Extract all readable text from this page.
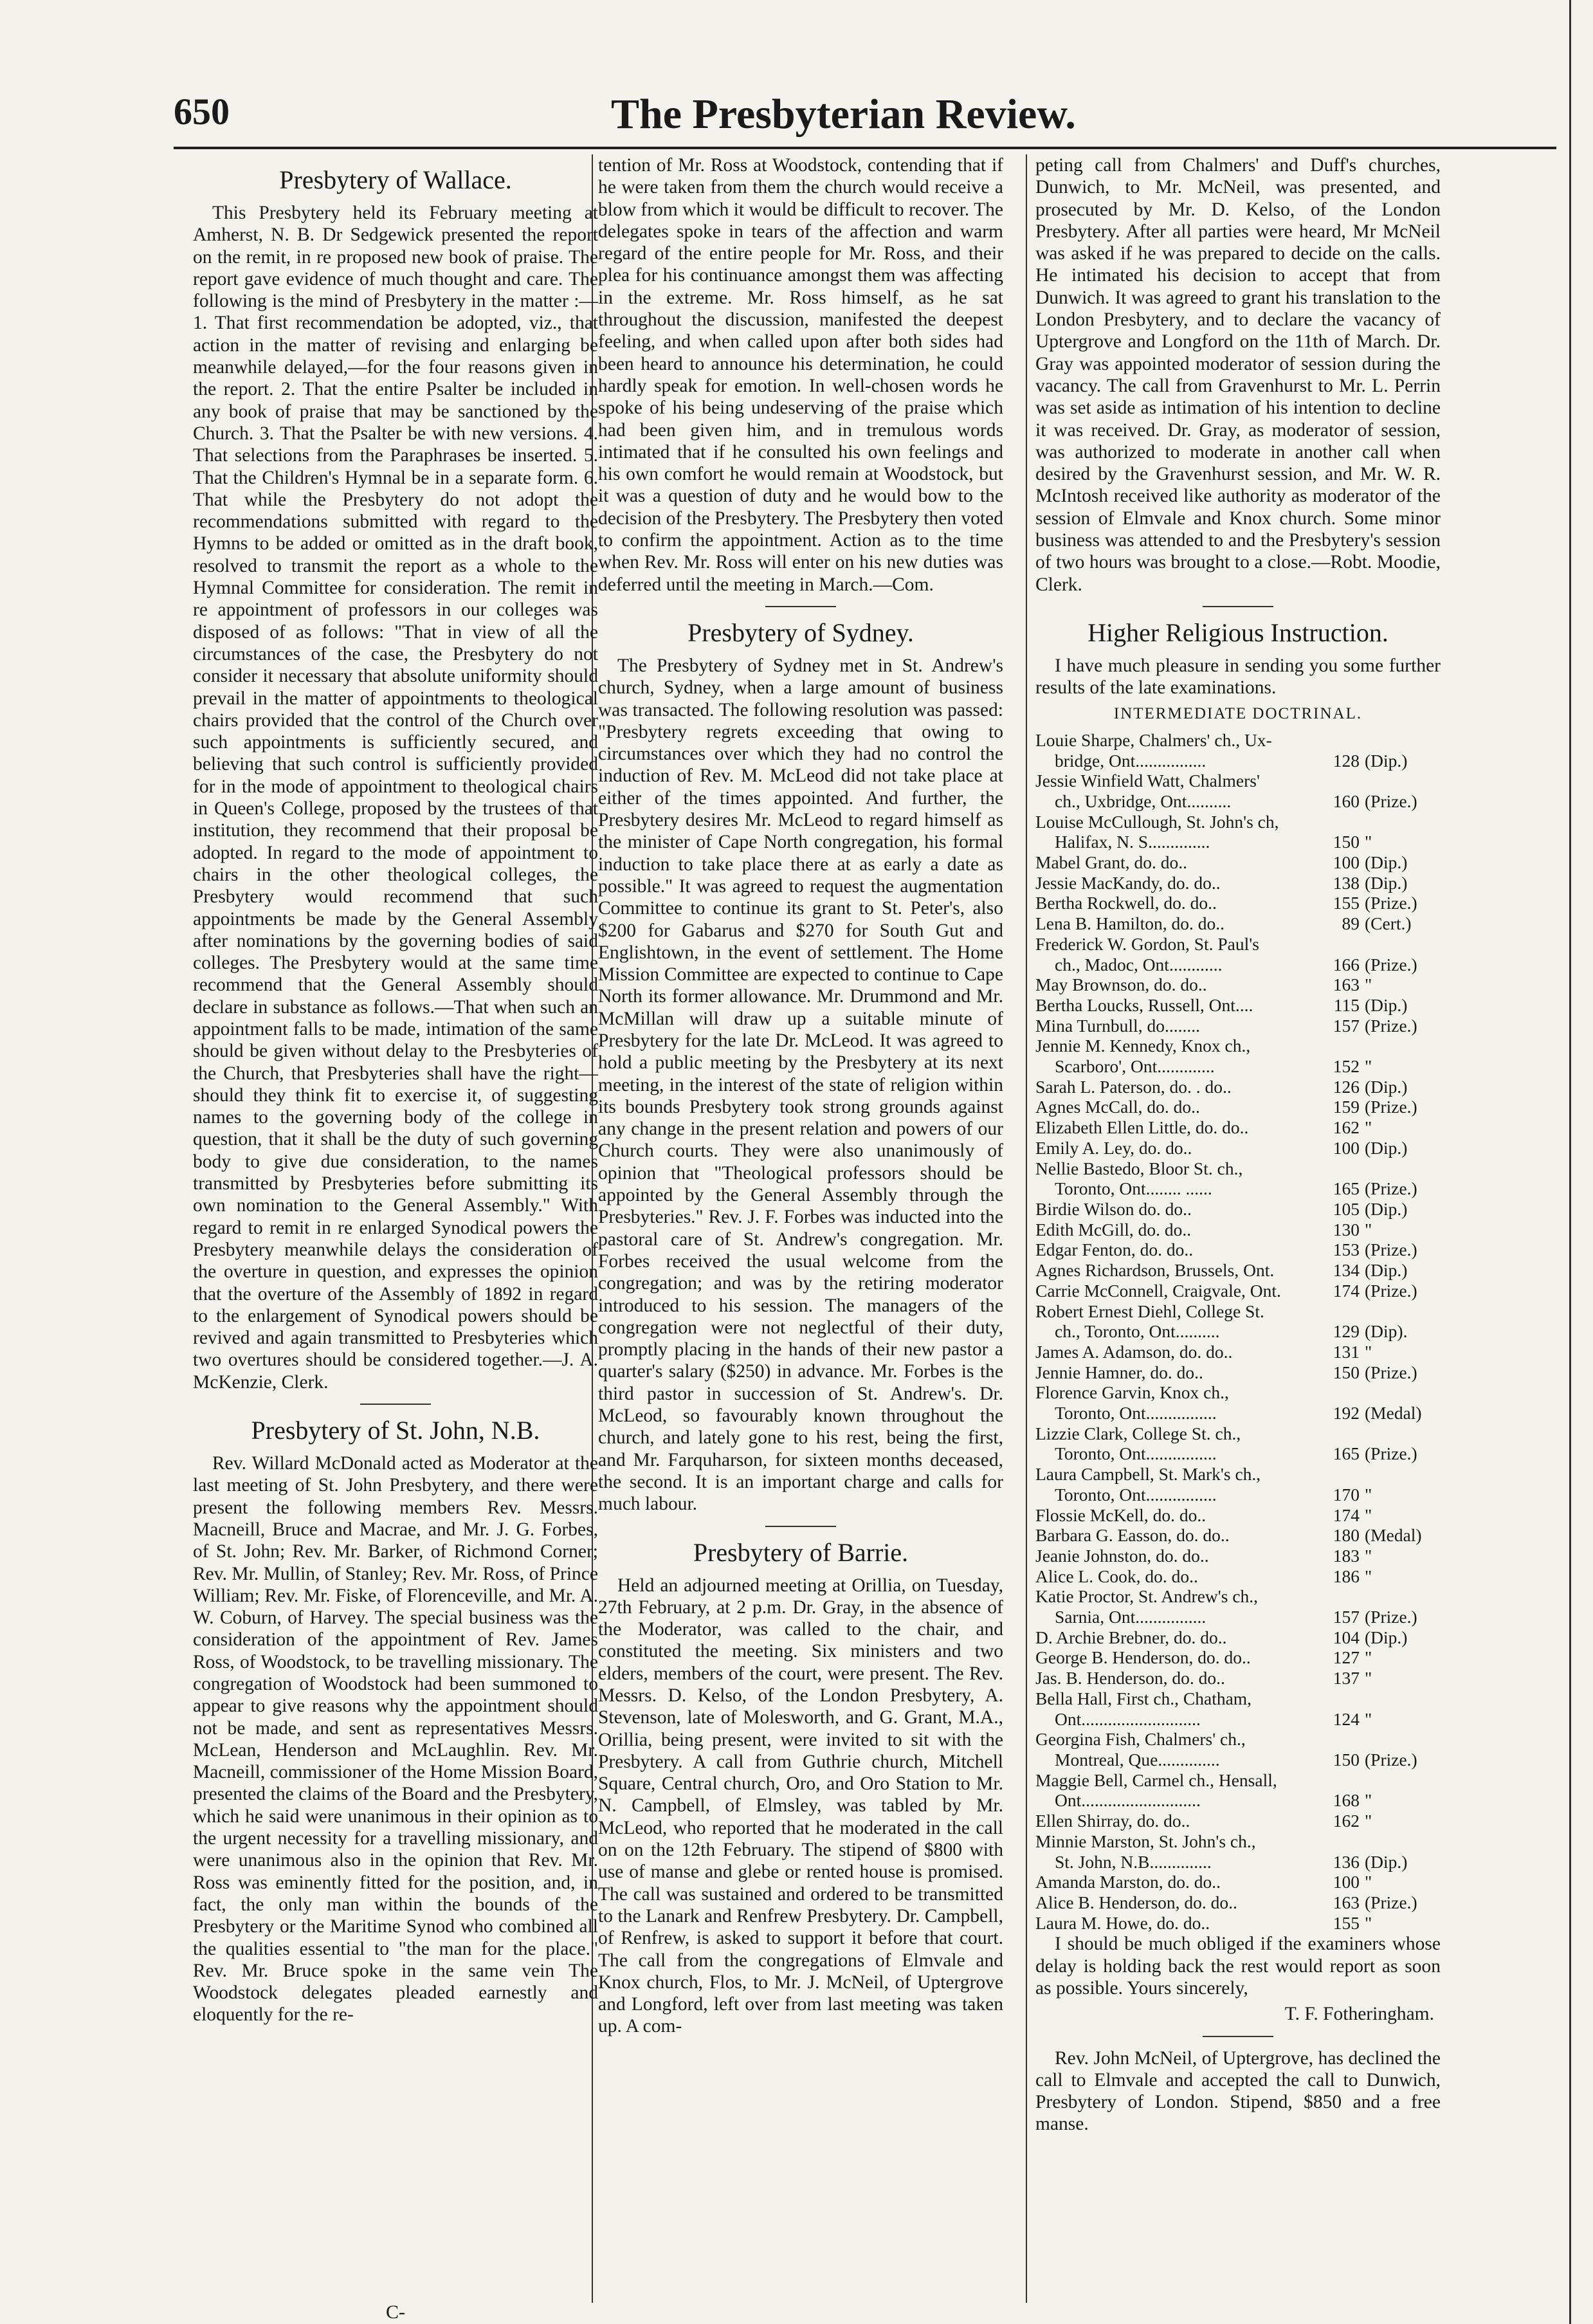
650	The Presbyterian Review.
Presbytery of Wallace.

This Presbytery held its February meeting at Amherst, N. B. Dr Sedgewick presented the report on the remit, in re proposed new book of praise. The report gave evidence of much thought and care. The following is the mind of Presbytery in the matter :—1. That first recommendation be adopted, viz., that action in the matter of revising and enlarging be meanwhile delayed,—for the four reasons given in the report. 2. That the entire Psalter be included in any book of praise that may be sanctioned by the Church. 3. That the Psalter be with new versions. 4. That selections from the Paraphrases be inserted. 5. That the Children's Hymnal be in a separate form. 6. That while the Presbytery do not adopt the recommendations submitted with regard to the Hymns to be added or omitted as in the draft book, resolved to transmit the report as a whole to the Hymnal Committee for consideration. The remit in re appointment of professors in our colleges was disposed of as follows: "That in view of all the circumstances of the case, the Presbytery do not consider it necessary that absolute uniformity should prevail in the matter of appointments to theological chairs provided that the control of the Church over such appointments is sufficiently secured, and believing that such control is sufficiently provided for in the mode of appointment to theological chairs in Queen's College, proposed by the trustees of that institution, they recommend that their proposal be adopted. In regard to the mode of appointment to chairs in the other theological colleges, the Presbytery would recommend that such appointments be made by the General Assembly after nominations by the governing bodies of said colleges. The Presbytery would at the same time recommend that the General Assembly should declare in substance as follows.—That when such an appointment falls to be made, intimation of the same should be given without delay to the Presbyteries of the Church, that Presbyteries shall have the right—should they think fit to exercise it, of suggesting names to the governing body of the college in question, that it shall be the duty of such governing body to give due consideration, to the names transmitted by Presbyteries before submitting its own nomination to the General Assembly." With regard to remit in re enlarged Synodical powers the Presbytery meanwhile delays the consideration of the overture in question, and expresses the opinion that the overture of the Assembly of 1892 in regard to the enlargement of Synodical powers should be revived and again transmitted to Presbyteries which two overtures should be considered together.—J. A. McKenzie, Clerk.

Presbytery of St. John, N.B.

Rev. Willard McDonald acted as Moderator at the last meeting of St. John Presbytery, and there were present the following members Rev. Messrs. Macneill, Bruce and Macrae, and Mr. J. G. Forbes, of St. John; Rev. Mr. Barker, of Richmond Corner; Rev. Mr. Mullin, of Stanley; Rev. Mr. Ross, of Prince William; Rev. Mr. Fiske, of Florenceville, and Mr. A. W. Coburn, of Harvey. The special business was the consideration of the appointment of Rev. James Ross, of Woodstock, to be travelling missionary. The congregation of Woodstock had been summoned to appear to give reasons why the appointment should not be made, and sent as representatives Messrs. McLean, Henderson and McLaughlin. Rev. Mr. Macneill, commissioner of the Home Mission Board, presented the claims of the Board and the Presbytery, which he said were unanimous in their opinion as to the urgent necessity for a travelling missionary, and were unanimous also in the opinion that Rev. Mr. Ross was eminently fitted for the position, and, in fact, the only man within the bounds of the Presbytery or the Maritime Synod who combined all the qualities essential to "the man for the place." Rev. Mr. Bruce spoke in the same vein The Woodstock delegates pleaded earnestly and eloquently for the re-

tention of Mr. Ross at Woodstock, contending that if he were taken from them the church would receive a blow from which it would be difficult to recover. The delegates spoke in tears of the affection and warm regard of the entire people for Mr. Ross, and their plea for his continuance amongst them was affecting in the extreme. Mr. Ross himself, as he sat throughout the discussion, manifested the deepest feeling, and when called upon after both sides had been heard to announce his determination, he could hardly speak for emotion. In well-chosen words he spoke of his being undeserving of the praise which had been given him, and in tremulous words intimated that if he consulted his own feelings and his own comfort he would remain at Woodstock, but it was a question of duty and he would bow to the decision of the Presbytery. The Presbytery then voted to confirm the appointment. Action as to the time when Rev. Mr. Ross will enter on his new duties was deferred until the meeting in March.—Com.

Presbytery of Sydney.

The Presbytery of Sydney met in St. Andrew's church, Sydney, when a large amount of business was transacted. The following resolution was passed: "Presbytery regrets exceeding that owing to circumstances over which they had no control the induction of Rev. M. McLeod did not take place at either of the times appointed. And further, the Presbytery desires Mr. McLeod to regard himself as the minister of Cape North congregation, his formal induction to take place there at as early a date as possible." It was agreed to request the augmentation Committee to continue its grant to St. Peter's, also $200 for Gabarus and $270 for South Gut and Englishtown, in the event of settlement. The Home Mission Committee are expected to continue to Cape North its former allowance. Mr. Drummond and Mr. McMillan will draw up a suitable minute of Presbytery for the late Dr. McLeod. It was agreed to hold a public meeting by the Presbytery at its next meeting, in the interest of the state of religion within its bounds Presbytery took strong grounds against any change in the present relation and powers of our Church courts. They were also unanimously of opinion that "Theological professors should be appointed by the General Assembly through the Presbyteries." Rev. J. F. Forbes was inducted into the pastoral care of St. Andrew's congregation. Mr. Forbes received the usual welcome from the congregation; and was by the retiring moderator introduced to his session. The managers of the congregation were not neglectful of their duty, promptly placing in the hands of their new pastor a quarter's salary ($250) in advance. Mr. Forbes is the third pastor in succession of St. Andrew's. Dr. McLeod, so favourably known throughout the church, and lately gone to his rest, being the first, and Mr. Farquharson, for sixteen months deceased, the second. It is an important charge and calls for much labour.

Presbytery of Barrie.

Held an adjourned meeting at Orillia, on Tuesday, 27th February, at 2 p.m. Dr. Gray, in the absence of the Moderator, was called to the chair, and constituted the meeting. Six ministers and two elders, members of the court, were present. The Rev. Messrs. D. Kelso, of the London Presbytery, A. Stevenson, late of Molesworth, and G. Grant, M.A., Orillia, being present, were invited to sit with the Presbytery. A call from Guthrie church, Mitchell Square, Central church, Oro, and Oro Station to Mr. N. Campbell, of Elmsley, was tabled by Mr. McLeod, who reported that he moderated in the call on on the 12th February. The stipend of $800 with use of manse and glebe or rented house is promised. The call was sustained and ordered to be transmitted to the Lanark and Renfrew Presbytery. Dr. Campbell, of Renfrew, is asked to support it before that court. The call from the congregations of Elmvale and Knox church, Flos, to Mr. J. McNeil, of Uptergrove and Longford, left over from last meeting was taken up. A com-

peting call from Chalmers' and Duff's churches, Dunwich, to Mr. McNeil, was presented, and prosecuted by Mr. D. Kelso, of the London Presbytery. After all parties were heard, Mr McNeil was asked if he was prepared to decide on the calls. He intimated his decision to accept that from Dunwich. It was agreed to grant his translation to the London Presbytery, and to declare the vacancy of Uptergrove and Longford on the 11th of March. Dr. Gray was appointed moderator of session during the vacancy. The call from Gravenhurst to Mr. L. Perrin was set aside as intimation of his intention to decline it was received. Dr. Gray, as moderator of session, was authorized to moderate in another call when desired by the Gravenhurst session, and Mr. W. R. McIntosh received like authority as moderator of the session of Elmvale and Knox church. Some minor business was attended to and the Presbytery's session of two hours was brought to a close.—Robt. Moodie, Clerk.

Higher Religious Instruction.

I have much pleasure in sending you some further results of the late examinations.

INTERMEDIATE DOCTRINAL.
Louie Sharpe, Chalmers' ch., Ux-		
bridge, Ont................	128	(Dip.)
Jessie Winfield Watt, Chalmers'		
ch., Uxbridge, Ont..........	160	(Prize.)
Louise McCullough, St. John's ch,		
Halifax, N. S..............	150	"
Mabel Grant, do. do..	100	(Dip.)
Jessie MacKandy, do. do..	138	(Dip.)
Bertha Rockwell, do. do..	155	(Prize.)
Lena B. Hamilton, do. do..	89	(Cert.)
Frederick W. Gordon, St. Paul's		
ch., Madoc, Ont............	166	(Prize.)
May Brownson, do. do..	163	"
Bertha Loucks, Russell, Ont....	115	(Dip.)
Mina Turnbull, do........	157	(Prize.)
Jennie M. Kennedy, Knox ch.,		
Scarboro', Ont.............	152	"
Sarah L. Paterson, do. . do..	126	(Dip.)
Agnes McCall, do. do..	159	(Prize.)
Elizabeth Ellen Little, do. do..	162	"
Emily A. Ley, do. do..	100	(Dip.)
Nellie Bastedo, Bloor St. ch.,		
Toronto, Ont........ ......	165	(Prize.)
Birdie Wilson do. do..	105	(Dip.)
Edith McGill, do. do..	130	"
Edgar Fenton, do. do..	153	(Prize.)
Agnes Richardson, Brussels, Ont.	134	(Dip.)
Carrie McConnell, Craigvale, Ont.	174	(Prize.)
Robert Ernest Diehl, College St.		
ch., Toronto, Ont..........	129	(Dip).
James A. Adamson, do. do..	131	"
Jennie Hamner, do. do..	150	(Prize.)
Florence Garvin, Knox ch.,		
Toronto, Ont................	192	(Medal)
Lizzie Clark, College St. ch.,		
Toronto, Ont................	165	(Prize.)
Laura Campbell, St. Mark's ch.,		
Toronto, Ont................	170	"
Flossie McKell, do. do..	174	"
Barbara G. Easson, do. do..	180	(Medal)
Jeanie Johnston, do. do..	183	"
Alice L. Cook, do. do..	186	"
Katie Proctor, St. Andrew's ch.,		
Sarnia, Ont................	157	(Prize.)
D. Archie Brebner, do. do..	104	(Dip.)
George B. Henderson, do. do..	127	"
Jas. B. Henderson, do. do..	137	"
Bella Hall, First ch., Chatham,		
Ont...........................	124	"
Georgina Fish, Chalmers' ch.,		
Montreal, Que..............	150	(Prize.)
Maggie Bell, Carmel ch., Hensall,		
Ont...........................	168	"
Ellen Shirray, do. do..	162	"
Minnie Marston, St. John's ch.,		
St. John, N.B..............	136	(Dip.)
Amanda Marston, do. do..	100	"
Alice B. Henderson, do. do..	163	(Prize.)
Laura M. Howe, do. do..	155	"

I should be much obliged if the examiners whose delay is holding back the rest would report as soon as possible. Yours sincerely,

T. F. Fotheringham.

Rev. John McNeil, of Uptergrove, has declined the call to Elmvale and accepted the call to Dunwich, Presbytery of London. Stipend, $850 and a free manse.

C-
